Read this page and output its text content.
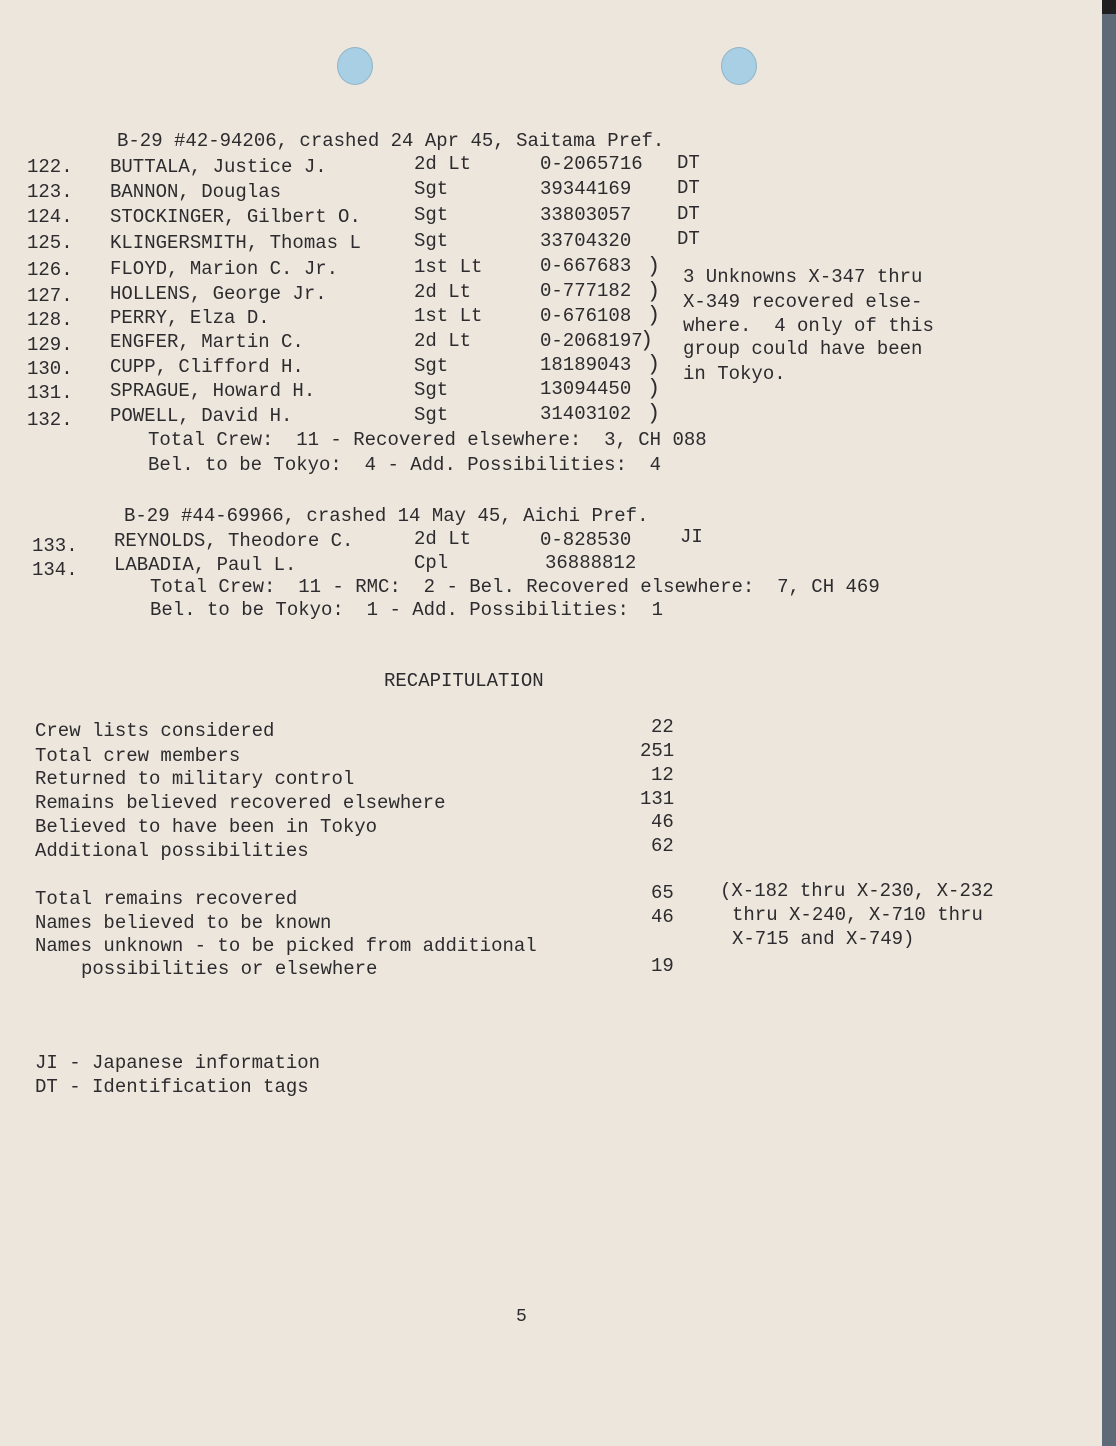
B-29 #42-94206, crashed 24 Apr 45, Saitama Pref.
122. BUTTALA, Justice J.	2d Lt	0-2065716 DT
123. BANNON, Douglas	Sgt	39344169 DT
124. STOCKINGER, Gilbert O.	Sgt	33803057 DT
125. KLINGERSMITH, Thomas L	Sgt	33704320 DT
126. FLOYD, Marion C. Jr.	1st Lt	0-667683
127. HOLLENS, George Jr.	2d Lt	0-777182
128. PERRY, Elza D.	1st Lt	0-676108
129. ENGFER, Martin C.	2d Lt	0-2068197
130. CUPP, Clifford H.	Sgt	18189043
131. SPRAGUE, Howard H.	Sgt	13094450
132. POWELL, David H.	Sgt	31403102
)
)
)
)
)
)
)
3 Unknowns X-347 thru
X-349 recovered else-
where.  4 only of this
group could have been
in Tokyo.
Total Crew:  11 - Recovered elsewhere:  3, CH 088
Bel. to be Tokyo:  4 - Add. Possibilities:  4
B-29 #44-69966, crashed 14 May 45, Aichi Pref.
133. REYNOLDS, Theodore C.	2d Lt	0-828530	JI
134. LABADIA, Paul L.	Cpl	36888812
Total Crew:  11 - RMC:  2 - Bel. Recovered elsewhere:  7, CH 469
Bel. to be Tokyo:  1 - Add. Possibilities:  1
RECAPITULATION
Crew lists considered	22
Total crew members	251
Returned to military control	12
Remains believed recovered elsewhere	131
Believed to have been in Tokyo	46
Additional possibilities	62
Total remains recovered	65
Names believed to be known	46
Names unknown - to be picked from additional
possibilities or elsewhere	19
(X-182 thru X-230, X-232
thru X-240, X-710 thru
X-715 and X-749)
JI - Japanese information
DT - Identification tags
5
